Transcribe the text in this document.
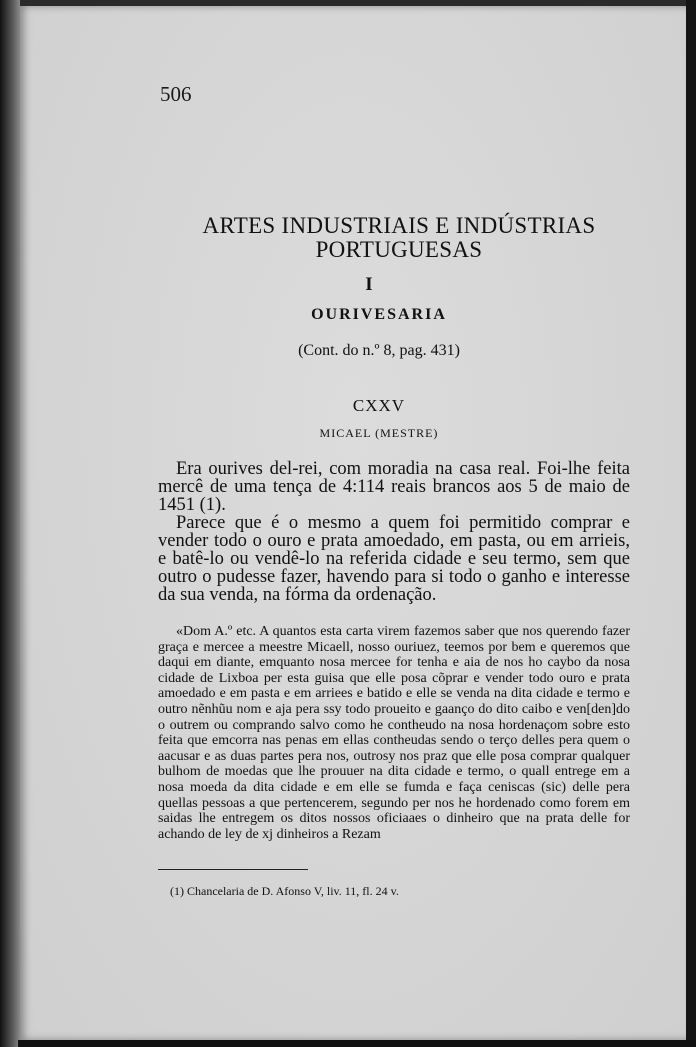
506
ARTES INDUSTRIAIS E INDÚSTRIAS
PORTUGUESAS
I
OURIVESARIA
(Cont. do n.º 8, pag. 431)
CXXV
MICAEL (MESTRE)

Era ourives del-rei, com moradia na casa real. Foi-lhe feita mercê de uma tença de 4:114 reais brancos aos 5 de maio de 1451 (1).

Parece que é o mesmo a quem foi permitido comprar e vender todo o ouro e prata amoedado, em pasta, ou em arrieis, e batê-lo ou vendê-lo na referida cidade e seu termo, sem que outro o pudesse fazer, havendo para si todo o ganho e interesse da sua venda, na fórma da ordenação.

«Dom A.º etc. A quantos esta carta virem fazemos saber que nos querendo fazer graça e mercee a meestre Micaell, nosso ouriuez, teemos por bem e queremos que daqui em diante, emquanto nosa mercee for tenha e aia de nos ho caybo da nosa cidade de Lixboa per esta guisa que elle posa cõprar e vender todo ouro e prata amoedado e em pasta e em arriees e batido e elle se venda na dita cidade e termo e outro nẽnhũu nom e aja pera ssy todo proueito e gaanço do dito caibo e ven[den]do o outrem ou comprando salvo como he contheudo na nosa hordenaçom sobre esto feita que emcorra nas penas em ellas contheudas sendo o terço delles pera quem o aacusar e as duas partes pera nos, outrosy nos praz que elle posa comprar qualquer bulhom de moedas que lhe prouuer na dita cidade e termo, o quall entrege em a nosa moeda da dita cidade e em elle se fumda e faça ceniscas (sic) delle pera quellas pessoas a que pertencerem, segundo per nos he hordenado como forem em saidas lhe entregem os ditos nossos oficiaaes o dinheiro que na prata delle for achando de ley de xj dinheiros a Rezam

(1) Chancelaria de D. Afonso V, liv. 11, fl. 24 v.
